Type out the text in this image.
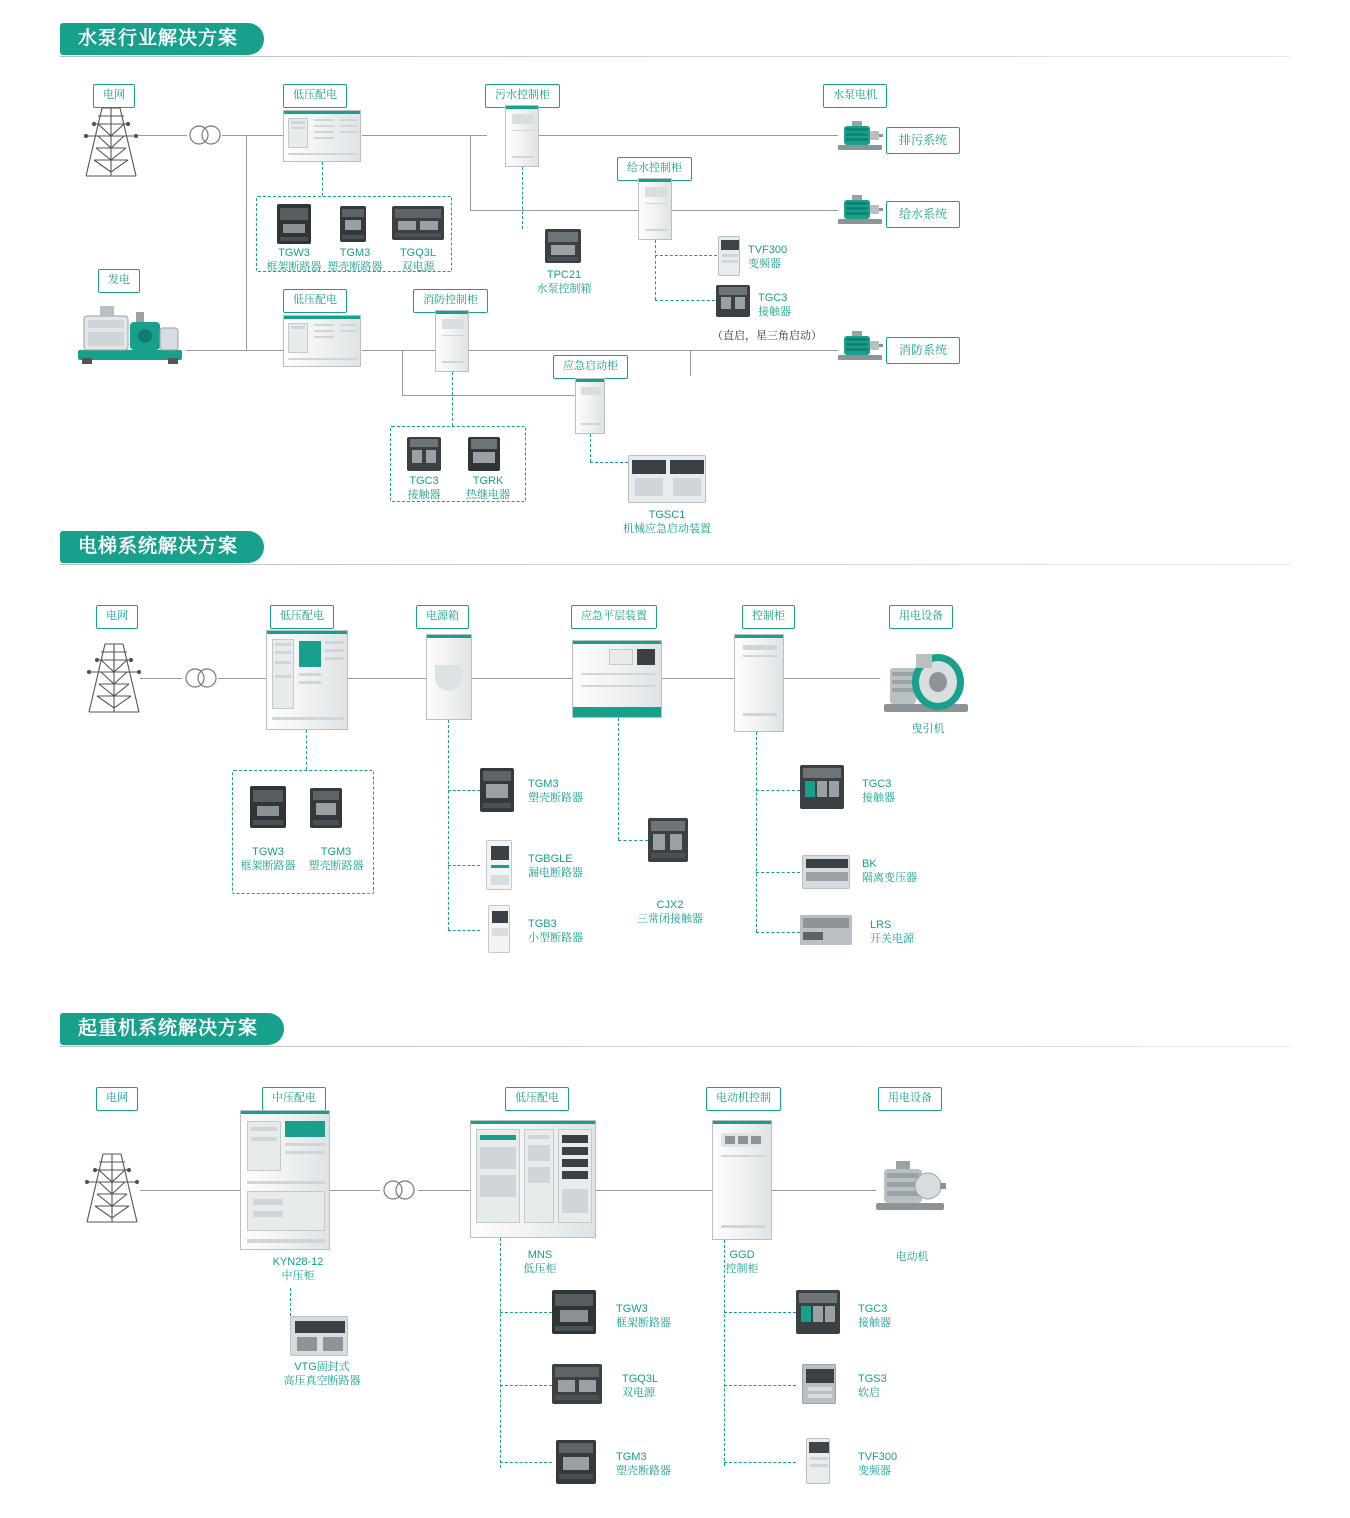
水泵行业解决方案
电网	低压配电	污水控制柜	水泵电机
给水控制柜
发电
低压配电	消防控制柜
应急启动柜
排污系统
给水系统
消防系统
TGW3
框架断路器
TGM3
塑壳断路器
TGQ3L
双电源
TPC21
水泵控制箱
TVF300
变频器
TGC3
接触器
（直启，星三角启动）
TGC3
接触器
TGRK
热继电器
TGSC1
机械应急启动装置
电梯系统解决方案
电网	低压配电	电源箱	应急平层装置	控制柜	用电设备
曳引机
TGW3
框架断路器
TGM3
塑壳断路器
TGM3
塑壳断路器
TGBGLE
漏电断路器
TGB3
小型断路器
CJX2
三常闭接触器
TGC3
接触器
BK
隔离变压器
LRS
开关电源
起重机系统解决方案
电网	中压配电	低压配电	电动机控制	用电设备
KYN28-12
中压柜
VTG固封式
高压真空断路器
MNS
低压柜
GGD
控制柜
电动机
TGW3
框架断路器
TGQ3L
双电源
TGM3
塑壳断路器
TGC3
接触器
TGS3
软启
TVF300
变频器
